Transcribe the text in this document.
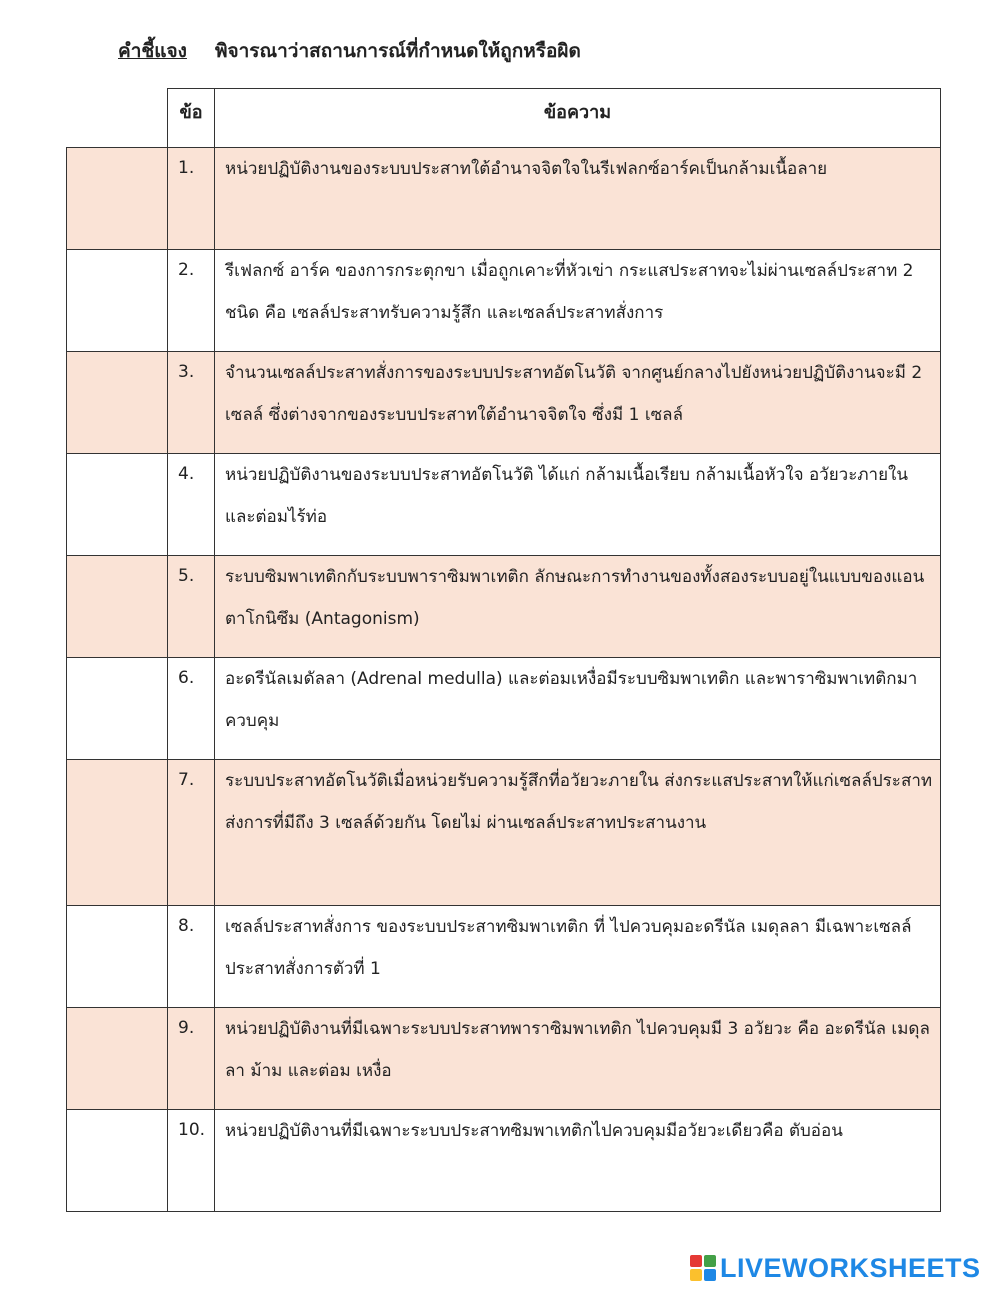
คำชี้แจง พิจารณาว่าสถานการณ์ที่กำหนดให้ถูกหรือผิด
ข้อ	ข้อความ
1.	หน่วยปฏิบัติงานของระบบประสาทใต้อำนาจจิตใจในรีเฟลกซ์อาร์คเป็นกล้ามเนื้อลาย
2.	รีเฟลกซ์ อาร์ค ของการกระตุกขา เมื่อถูกเคาะที่หัวเข่า กระแสประสาทจะไม่ผ่านเซลล์ประสาท 2 ชนิด คือ เซลล์ประสาทรับความรู้สึก และเซลล์ประสาทสั่งการ
3.	จำนวนเซลล์ประสาทสั่งการของระบบประสาทอัตโนวัติ จากศูนย์กลางไปยังหน่วยปฏิบัติงานจะมี 2 เซลล์ ซึ่งต่างจากของระบบประสาทใต้อำนาจจิตใจ ซึ่งมี 1 เซลล์
4.	หน่วยปฏิบัติงานของระบบประสาทอัตโนวัติ ได้แก่ กล้ามเนื้อเรียบ กล้ามเนื้อหัวใจ อวัยวะภายในและต่อมไร้ท่อ
5.	ระบบซิมพาเทติกกับระบบพาราซิมพาเทติก ลักษณะการทำงานของทั้งสองระบบอยู่ในแบบของแอนตาโกนิซึม (Antagonism)
6.	อะดรีนัลเมดัลลา (Adrenal medulla) และต่อมเหงื่อมีระบบซิมพาเทติก และพาราซิมพาเทติกมาควบคุม
7.	ระบบประสาทอัตโนวัติเมื่อหน่วยรับความรู้สึกที่อวัยวะภายใน ส่งกระแสประสาทให้แก่เซลล์ประสาทส่งการที่มีถึง 3 เซลล์ด้วยกัน โดยไม่ ผ่านเซลล์ประสาทประสานงาน
8.	เซลล์ประสาทสั่งการ ของระบบประสาทซิมพาเทติก ที่ ไปควบคุมอะดรีนัล เมดุลลา มีเฉพาะเซลล์ประสาทสั่งการตัวที่ 1
9.	หน่วยปฏิบัติงานที่มีเฉพาะระบบประสาทพาราซิมพาเทติก ไปควบคุมมี 3 อวัยวะ คือ อะดรีนัล เมดุลลา ม้าม และต่อม เหงื่อ
10.	หน่วยปฏิบัติงานที่มีเฉพาะระบบประสาทซิมพาเทติกไปควบคุมมีอวัยวะเดียวคือ ตับอ่อน
LIVEWORKSHEETS
